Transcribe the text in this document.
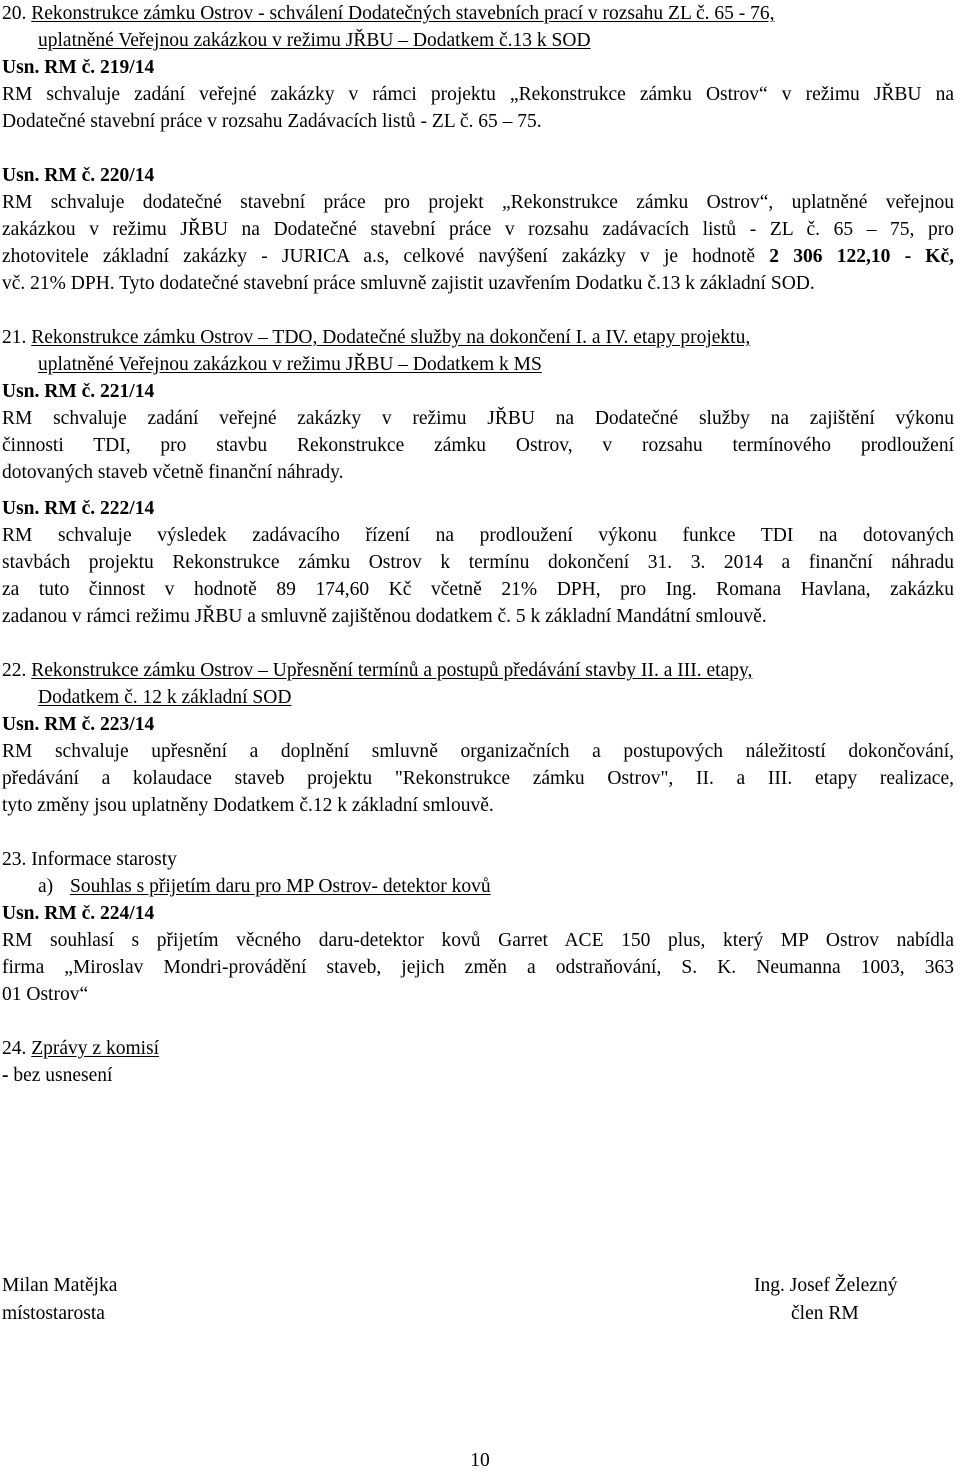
20. Rekonstrukce zámku Ostrov - schválení Dodatečných stavebních prací v rozsahu ZL č. 65 - 76,
uplatněné Veřejnou zakázkou v režimu JŘBU – Dodatkem č.13 k SOD
Usn. RM č. 219/14
RM schvaluje zadání veřejné zakázky v rámci projektu „Rekonstrukce zámku Ostrov“ v režimu JŘBU na
Dodatečné stavební práce v rozsahu Zadávacích listů - ZL č. 65 – 75.
Usn. RM č. 220/14
RM schvaluje dodatečné stavební práce pro projekt „Rekonstrukce zámku Ostrov“, uplatněné veřejnou
zakázkou v režimu JŘBU na Dodatečné stavební práce v rozsahu zadávacích listů - ZL č. 65 – 75, pro
zhotovitele základní zakázky - JURICA a.s, celkové navýšení zakázky v je hodnotě 2 306 122,10 - Kč,
vč. 21% DPH. Tyto dodatečné stavební práce smluvně zajistit uzavřením Dodatku č.13 k základní SOD.
21. Rekonstrukce zámku Ostrov – TDO, Dodatečné služby na dokončení I. a IV. etapy projektu,
uplatněné Veřejnou zakázkou v režimu JŘBU – Dodatkem k MS
Usn. RM č. 221/14
RM schvaluje zadání veřejné zakázky v režimu JŘBU na Dodatečné služby na zajištění výkonu
činnosti TDI, pro stavbu Rekonstrukce zámku Ostrov, v rozsahu termínového prodloužení
dotovaných staveb včetně finanční náhrady.
Usn. RM č. 222/14
RM schvaluje výsledek zadávacího řízení na prodloužení výkonu funkce TDI na dotovaných
stavbách projektu Rekonstrukce zámku Ostrov k termínu dokončení 31. 3. 2014 a finanční náhradu
za tuto činnost v hodnotě 89 174,60 Kč včetně 21% DPH, pro Ing. Romana Havlana, zakázku
zadanou v rámci režimu JŘBU a smluvně zajištěnou dodatkem č. 5 k základní Mandátní smlouvě.
22. Rekonstrukce zámku Ostrov – Upřesnění termínů a postupů předávání stavby II. a III. etapy,
Dodatkem č. 12 k základní SOD
Usn. RM č. 223/14
RM schvaluje upřesnění a doplnění smluvně organizačních a postupových náležitostí dokončování,
předávání a kolaudace staveb projektu "Rekonstrukce zámku Ostrov", II. a III. etapy realizace,
tyto změny jsou uplatněny Dodatkem č.12 k základní smlouvě.
23. Informace starosty
a) Souhlas s přijetím daru pro MP Ostrov- detektor kovů
Usn. RM č. 224/14
RM souhlasí s přijetím věcného daru-detektor kovů Garret ACE 150 plus, který MP Ostrov nabídla
firma „Miroslav Mondri-provádění staveb, jejich změn a odstraňování, S. K. Neumanna 1003, 363
01 Ostrov“
24. Zprávy z komisí
- bez usnesení
Milan Matějka
místostarosta
Ing. Josef Železný
člen RM
10
